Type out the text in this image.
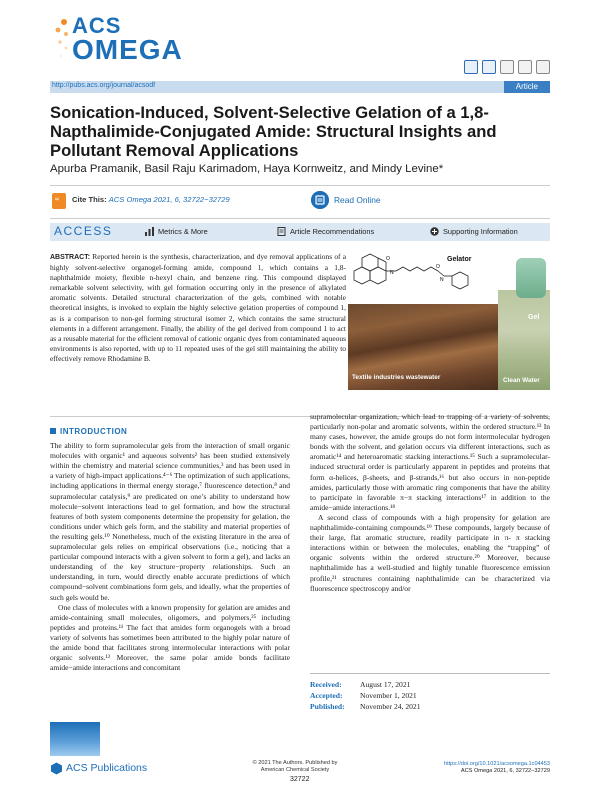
ACS
OMEGA
http://pubs.acs.org/journal/acsodf	Article
Sonication-Induced, Solvent-Selective Gelation of a 1,8-Napthalimide-Conjugated Amide: Structural Insights and Pollutant Removal Applications
Apurba Pramanik, Basil Raju Karimadom, Haya Kornweitz, and Mindy Levine*
“ Cite This: ACS Omega 2021, 6, 32722−32729	Read Online
ACCESS	Metrics & More	Article Recommendations	Supporting Information
ABSTRACT: Reported herein is the synthesis, characterization, and dye removal applications of a highly solvent-selective organogel-forming amide, compound 1, which contains a 1,8-naphthalmide moiety, flexible n-hexyl chain, and benzene ring. This compound displayed remarkable solvent selectivity, with gel formation occurring only in the presence of alkylated aromatic solvents. Detailed structural characterization of the gels, combined with notable theoretical insights, is invoked to explain the highly selective gelation properties of compound 1, as is a comparison to non-gel forming structural isomer 2, which contains the same structural elements in a different arrangement. Finally, the ability of the gel derived from compound 1 to act as a reusable material for the efficient removal of cationic organic dyes from contaminated aqueous environments is also reported, with up to 11 repeated uses of the gel still maintaining the ability to effectively remove Rhodamine B.
O
N
N
O
Gelator
Gel
Textile industries wastewater	Clean Water
INTRODUCTION

The ability to form supramolecular gels from the interaction of small organic molecules with organic¹ and aqueous solvents² has been studied extensively within the chemistry and material science communities,³ and has been used in a variety of high-impact applications.⁴⁻⁶ The optimization of such applications, including applications in thermal energy storage,⁷ fluorescence detection,⁸ and supramolecular catalysis,⁹ are predicated on one’s ability to understand how molecule−solvent interactions lead to gel formation, and how the structural features of both system components determine the propensity for gelation, the conditions under which gels form, and the stability and material properties of the resulting gels.¹⁰ Nonetheless, much of the existing literature in the area of supramolecular gels relies on empirical observations (i.e., noticing that a particular compound interacts with a given solvent to form a gel), and lacks an understanding of the key structure−property relationships. Such an understanding, in turn, would directly enable accurate predictions of which compound−solvent combinations form gels, and ideally, what the properties of such gels would be.

One class of molecules with a known propensity for gelation are amides and amide-containing small molecules, oligomers, and polymers,²⁵ including peptides and proteins.¹¹ The fact that amides form organogels with a broad variety of solvents has sometimes been attributed to the highly polar nature of the amide bond that facilitates strong intermolecular interactions with polar organic solvents.¹² Moreover, the same polar amide bonds facilitate amide−amide interactions and concomitant

supramolecular organization, which lead to trapping of a variety of solvents, particularly non-polar and aromatic solvents, within the ordered structure.¹³ In many cases, however, the amide groups do not form intermolecular hydrogen bonds with the solvent, and gelation occurs via different interactions, such as aromatic¹⁴ and heteroaromatic stacking interactions.¹⁵ Such a supramolecular-induced structural order is particularly apparent in peptides and proteins that form α-helices, β-sheets, and β-strands,¹⁶ but also occurs in non-peptide amides, particularly those with aromatic ring components that have the ability to participate in favorable π−π stacking interactions¹⁷ in addition to the amide−amide interactions.¹⁸

A second class of compounds with a high propensity for gelation are naphthalimide-containing compounds.¹⁹ These compounds, largely because of their large, flat aromatic structure, readily participate in π- π stacking interactions within or between the molecules, enabling the “trapping” of organic solvents within the ordered structure.²⁰ Moreover, because naphthalimide has a well-studied and highly tunable fluorescence emission profile,²¹ structures containing naphthalimide can be characterized via fluorescence spectroscopy and/or

Received: August 17, 2021
Accepted: November 1, 2021
Published: November 24, 2021
ACS Publications	© 2021 The Authors. Published by
American Chemical Society
32722
https://doi.org/10.1021/acsomega.1c04453
ACS Omega 2021, 6, 32722−32729
